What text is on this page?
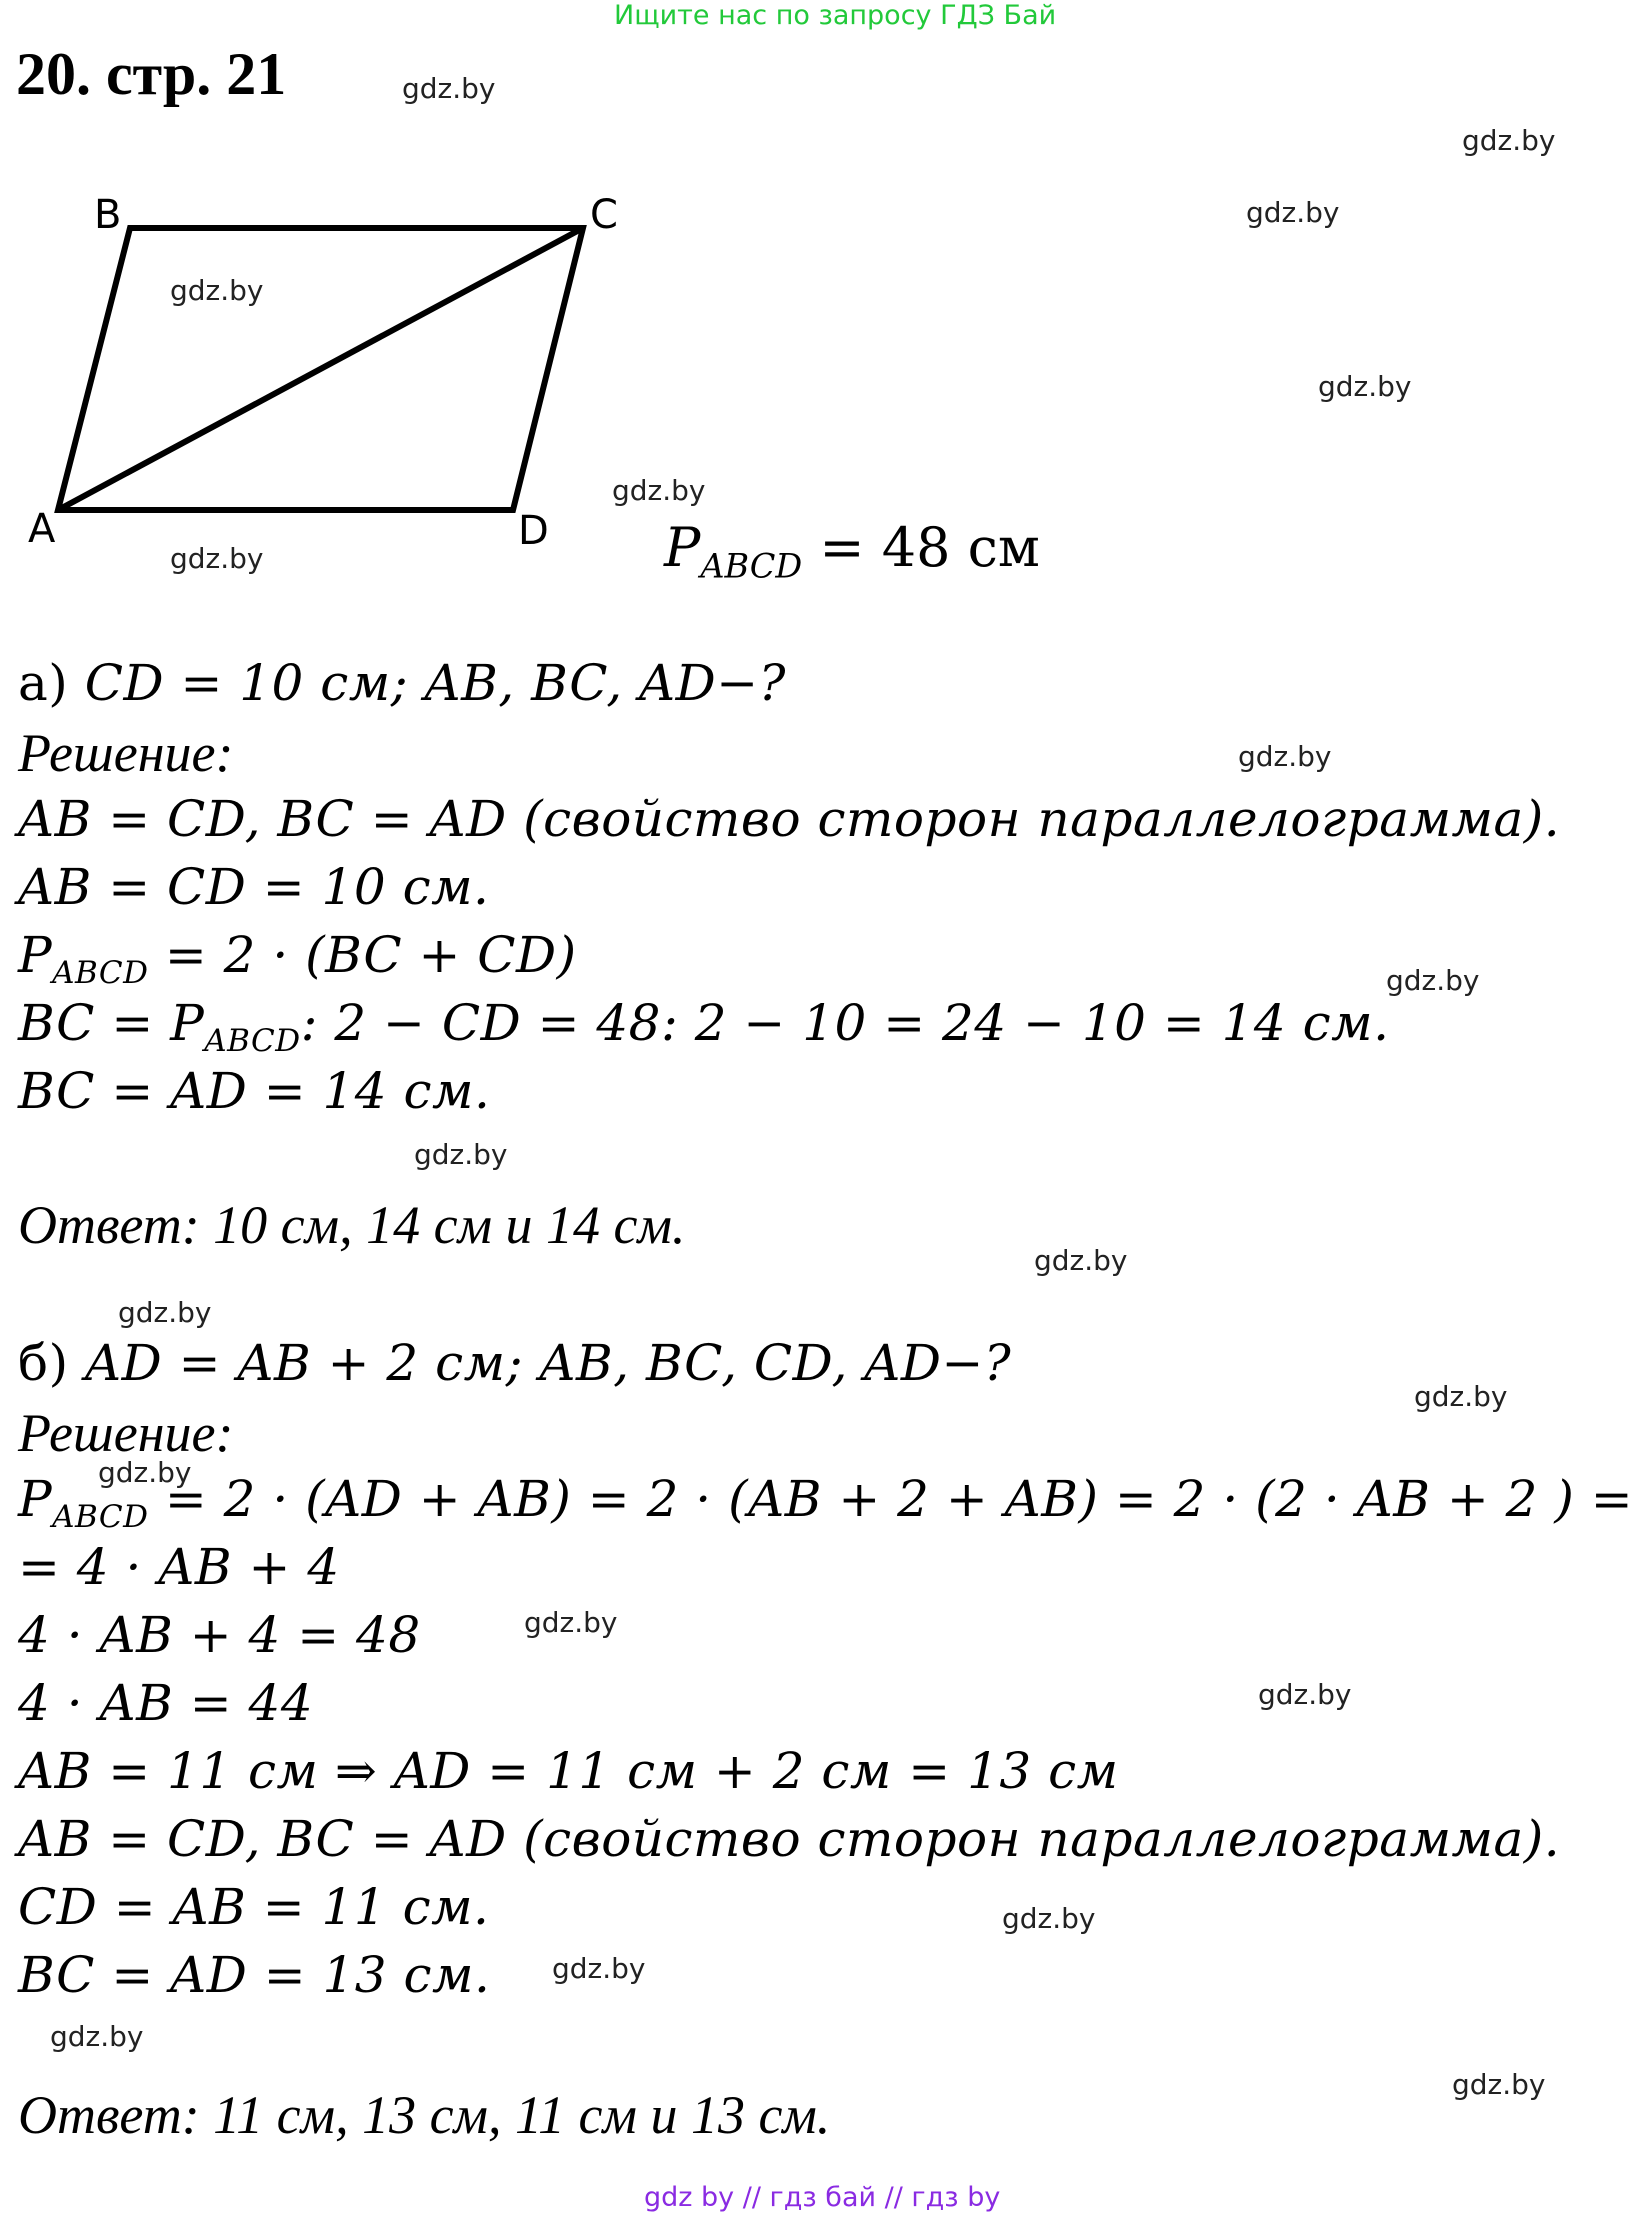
Ищите нас по запросу ГДЗ Бай
20. стр. 21
B	C
A	D $P_{ABCD} = 48$ см
а) CD = 10 см; AB, BC, AD−?
Решение:
AB = CD, BC = AD (свойство сторон параллелограмма).
AB = CD = 10 см.
$P_{ABCD} = 2 \cdot (BC + CD)$
BC = $P_{ABCD}$: 2 − CD = 48: 2 − 10 = 24 − 10 = 14 см.
BC = AD = 14 см.
Ответ: 10 см, 14 см и 14 см.
б) AD = AB + 2 см; AB, BC, CD, AD−?
Решение:
$P_{ABCD} = 2 \cdot (AD + AB) = 2 \cdot (AB + 2 + AB) = 2 \cdot (2$ · AB + 2 ) =
= 4 · AB + 4
4 · AB + 4 = 48
4 · AB = 44
AB = 11 см ⇒ AD = 11 см + 2 см = 13 см
AB = CD, BC = AD (свойство сторон параллелограмма).
CD = AB = 11 см.
BC = AD = 13 см.
Ответ: 11 см, 13 см, 11 см и 13 см.
gdz.by
gdz.by
gdz.by
gdz.by
gdz.by
gdz.by
gdz.by
gdz.by
gdz.by
gdz.by
gdz.by
gdz.by
gdz.by
gdz.by
gdz.by
gdz.by
gdz.by
gdz.by
gdz.by
gdz.by
gdz by // гдз бай // гдз by
